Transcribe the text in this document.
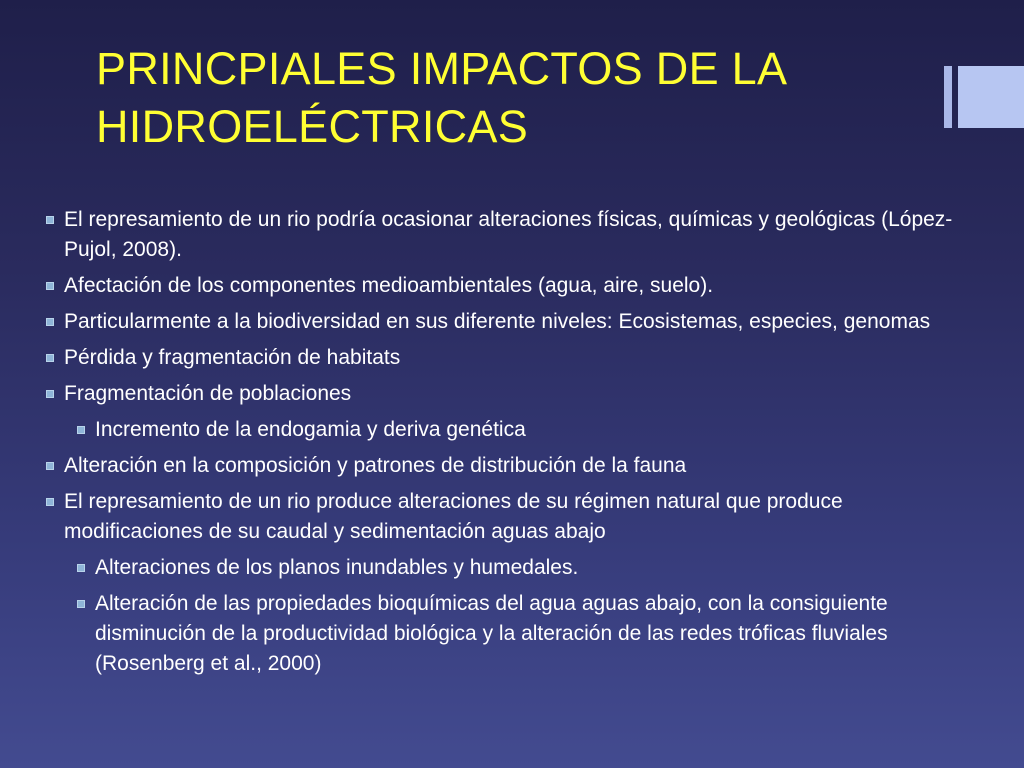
PRINCPIALES IMPACTOS DE LA
HIDROELÉCTRICAS
El represamiento de un rio podría ocasionar alteraciones físicas, químicas y geológicas (López-Pujol, 2008).
Afectación de los componentes medioambientales (agua, aire, suelo).
Particularmente a la biodiversidad en sus diferente niveles: Ecosistemas, especies, genomas
Pérdida y fragmentación de habitats
Fragmentación de poblaciones
Incremento de la endogamia y deriva genética
Alteración en la composición y patrones de distribución de la fauna
El represamiento de un rio produce alteraciones de su régimen natural que produce modificaciones de su caudal y sedimentación aguas abajo
Alteraciones de los planos inundables y humedales.
Alteración de las propiedades bioquímicas del agua aguas abajo, con la consiguiente disminución de la productividad biológica y la alteración de las redes tróficas fluviales (Rosenberg et al., 2000)
